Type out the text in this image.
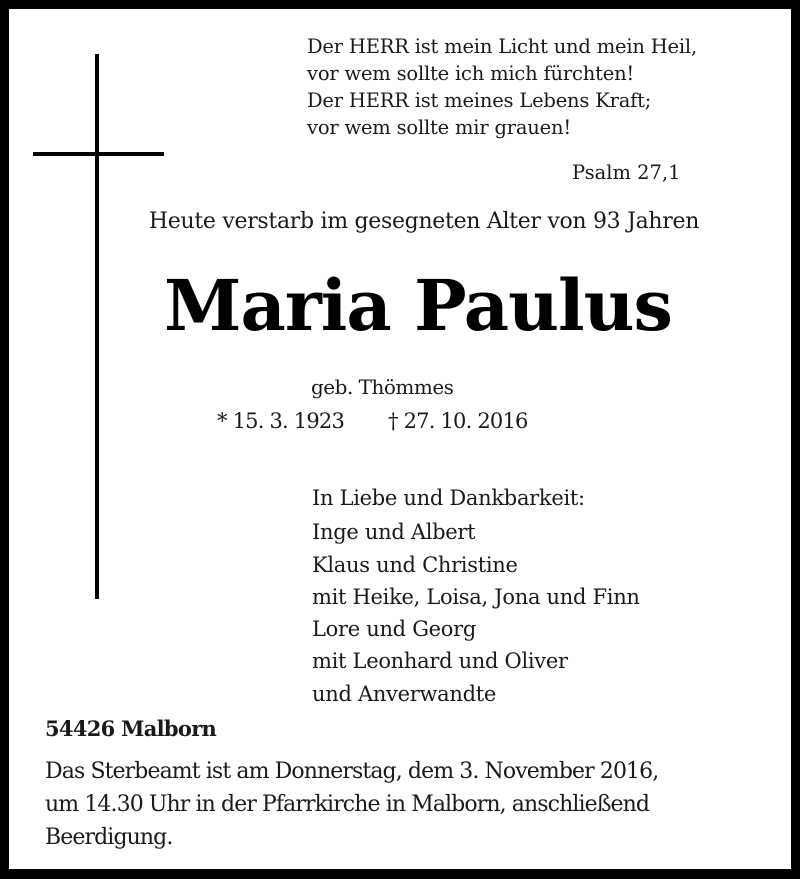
Der HERR ist mein Licht und mein Heil,
vor wem sollte ich mich fürchten!
Der HERR ist meines Lebens Kraft;
vor wem sollte mir grauen!
Psalm 27,1
Heute verstarb im gesegneten Alter von 93 Jahren
Maria Paulus
geb. Thömmes
* 15. 3. 1923 † 27. 10. 2016
In Liebe und Dankbarkeit:
Inge und Albert
Klaus und Christine
mit Heike, Loisa, Jona und Finn
Lore und Georg
mit Leonhard und Oliver
und Anverwandte
54426 Malborn
Das Sterbeamt ist am Donnerstag, dem 3. November 2016,
um 14.30 Uhr in der Pfarrkirche in Malborn, anschließend
Beerdigung.
